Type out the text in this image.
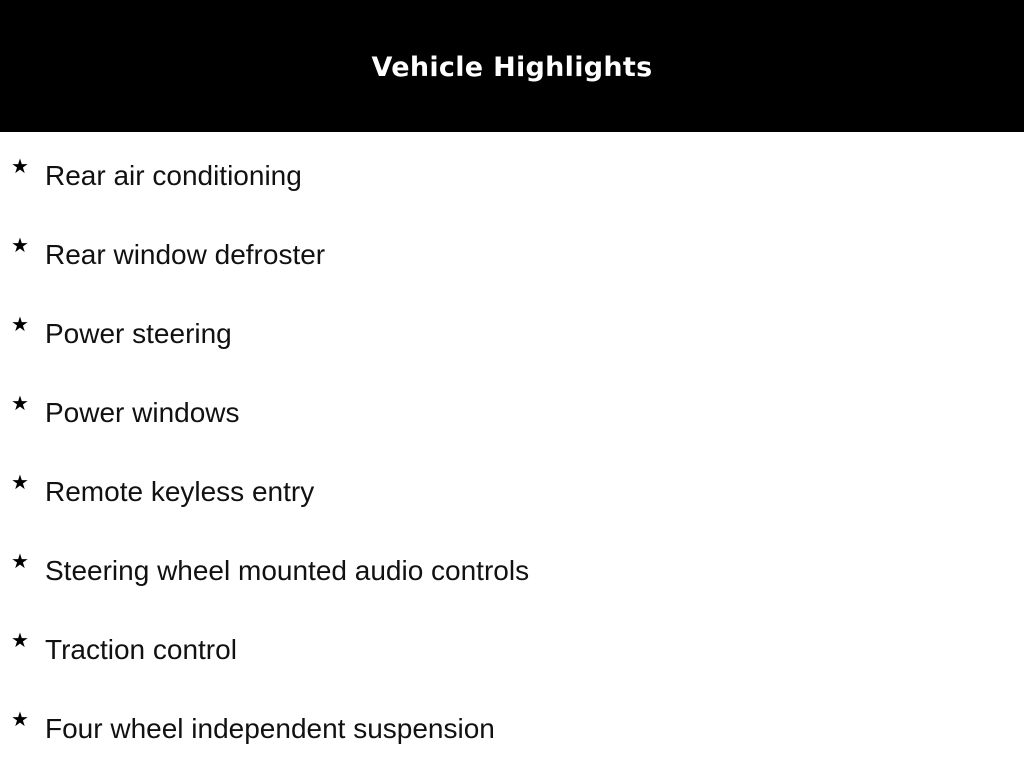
Vehicle Highlights
★ Rear air conditioning
★ Rear window defroster
★ Power steering
★ Power windows
★ Remote keyless entry
★ Steering wheel mounted audio controls
★ Traction control
★ Four wheel independent suspension
